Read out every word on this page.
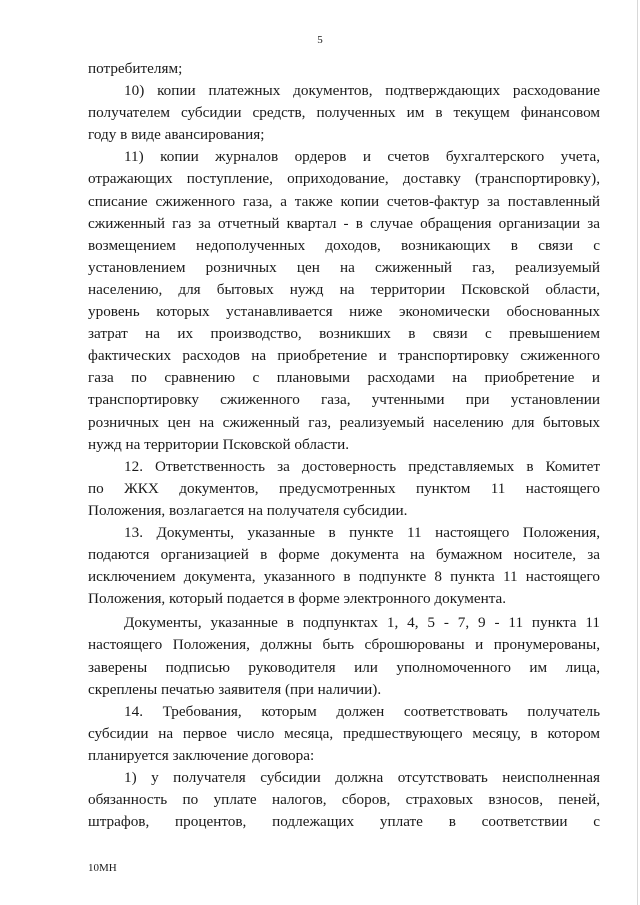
5

потребителям;

10) копии платежных документов, подтверждающих расходование

получателем субсидии средств, полученных им в текущем финансовом

году в виде авансирования;

11) копии журналов ордеров и счетов бухгалтерского учета,

отражающих поступление, оприходование, доставку (транспортировку),

списание сжиженного газа, а также копии счетов-фактур за поставленный

сжиженный газ за отчетный квартал - в случае обращения организации за

возмещением недополученных доходов, возникающих в связи с

установлением розничных цен на сжиженный газ, реализуемый

населению, для бытовых нужд на территории Псковской области,

уровень которых устанавливается ниже экономически обоснованных

затрат на их производство, возникших в связи с превышением

фактических расходов на приобретение и транспортировку сжиженного

газа по сравнению с плановыми расходами на приобретение и

транспортировку сжиженного газа, учтенными при установлении

розничных цен на сжиженный газ, реализуемый населению для бытовых

нужд на территории Псковской области.

12. Ответственность за достоверность представляемых в Комитет

по ЖКХ документов, предусмотренных пунктом 11 настоящего

Положения, возлагается на получателя субсидии.

13. Документы, указанные в пункте 11 настоящего Положения,

подаются организацией в форме документа на бумажном носителе, за

исключением документа, указанного в подпункте 8 пункта 11 настоящего

Положения, который подается в форме электронного документа.

Документы, указанные в подпунктах 1, 4, 5 - 7, 9 - 11 пункта 11

настоящего Положения, должны быть сброшюрованы и пронумерованы,

заверены подписью руководителя или уполномоченного им лица,

скреплены печатью заявителя (при наличии).

14. Требования, которым должен соответствовать получатель

субсидии на первое число месяца, предшествующего месяцу, в котором

планируется заключение договора:

1) у получателя субсидии должна отсутствовать неисполненная

обязанность по уплате налогов, сборов, страховых взносов, пеней,

штрафов, процентов, подлежащих уплате в соответствии с

10МН
